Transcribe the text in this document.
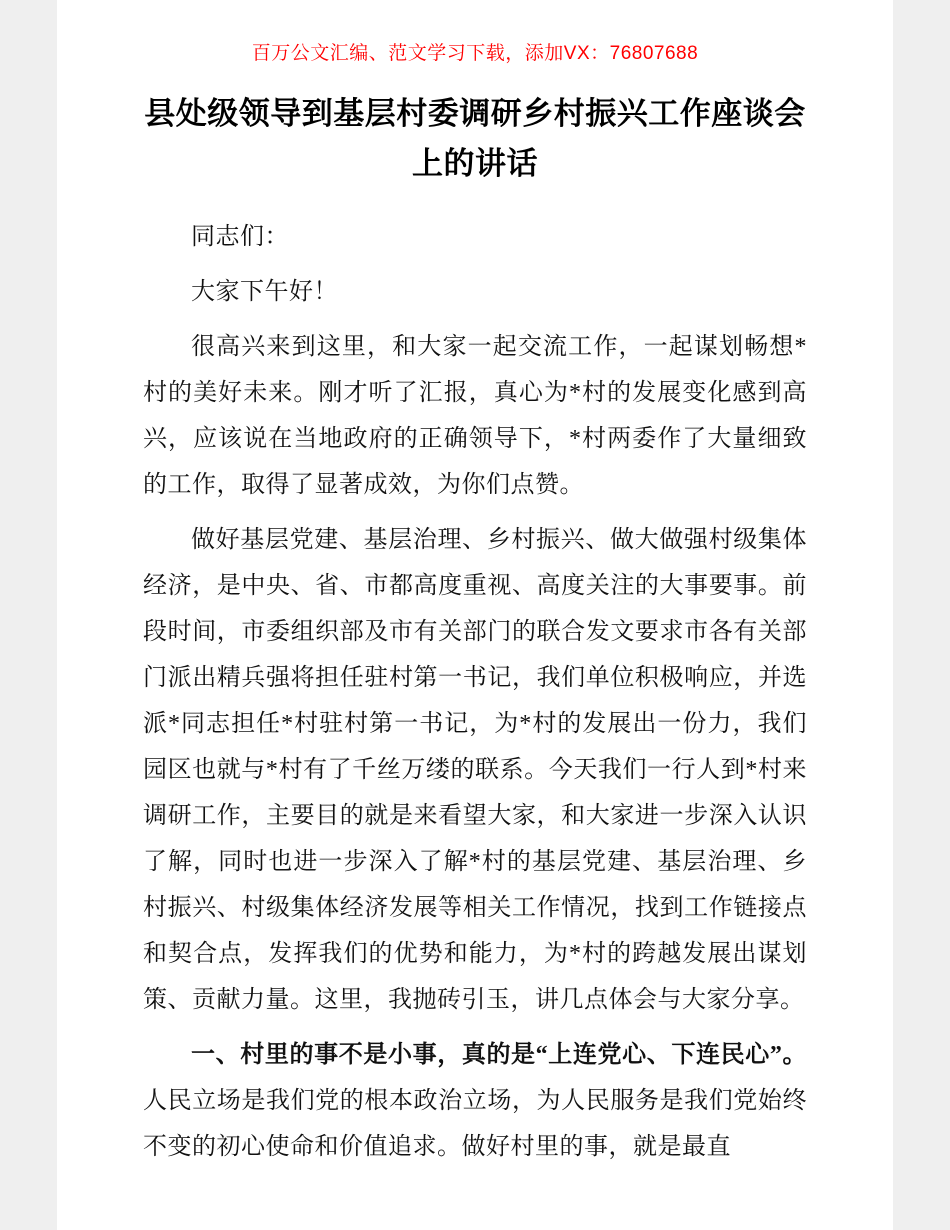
百万公文汇编、范文学习下载，添加VX：76807688
县处级领导到基层村委调研乡村振兴工作座谈会上的讲话

同志们：

大家下午好！

很高兴来到这里，和大家一起交流工作，一起谋划畅想*村的美好未来。刚才听了汇报，真心为*村的发展变化感到高兴，应该说在当地政府的正确领导下，*村两委作了大量细致的工作，取得了显著成效，为你们点赞。

做好基层党建、基层治理、乡村振兴、做大做强村级集体经济，是中央、省、市都高度重视、高度关注的大事要事。前段时间，市委组织部及市有关部门的联合发文要求市各有关部门派出精兵强将担任驻村第一书记，我们单位积极响应，并选派*同志担任*村驻村第一书记，为*村的发展出一份力，我们园区也就与*村有了千丝万缕的联系。今天我们一行人到*村来调研工作，主要目的就是来看望大家，和大家进一步深入认识了解，同时也进一步深入了解*村的基层党建、基层治理、乡村振兴、村级集体经济发展等相关工作情况，找到工作链接点和契合点，发挥我们的优势和能力，为*村的跨越发展出谋划策、贡献力量。这里，我抛砖引玉，讲几点体会与大家分享。

一、村里的事不是小事，真的是“上连党心、下连民心”。人民立场是我们党的根本政治立场，为人民服务是我们党始终不变的初心使命和价值追求。做好村里的事，就是最直
